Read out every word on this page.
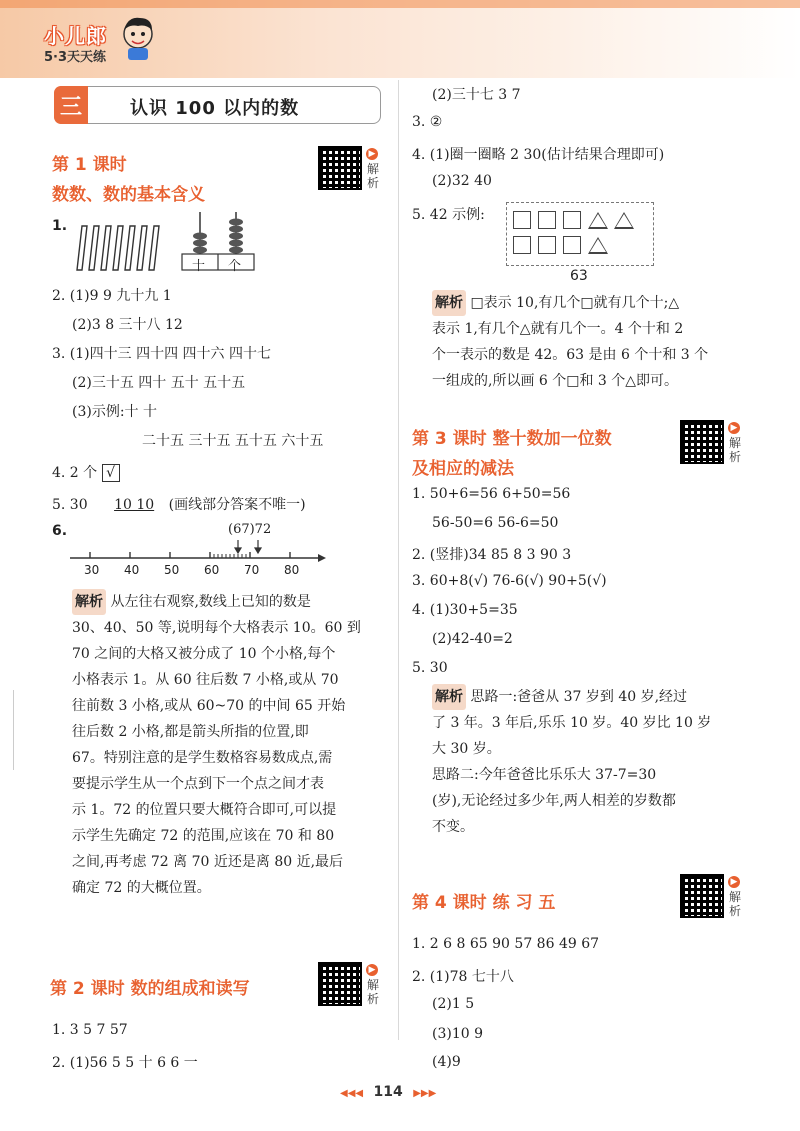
小儿郎
5·3天天练
三	认识 100 以内的数
第 1 课时
数数、数的基本含义
▶
解析
1.
十 个
2. (1)9 9 九十九 1
(2)3 8 三十八 12
3. (1)四十三 四十四 四十六 四十七
(2)三十五 四十 五十 五十五
(3)示例:十 十
二十五 三十五 五十五 六十五
4. 2 个 √
5. 30 10 10 (画线部分答案不唯一)
6.	(67)72
30 40 50 60 70 80
解析 从左往右观察,数线上已知的数是
30、40、50 等,说明每个大格表示 10。60 到
70 之间的大格又被分成了 10 个小格,每个
小格表示 1。从 60 往后数 7 小格,或从 70
往前数 3 小格,或从 60~70 的中间 65 开始
往后数 2 小格,都是箭头所指的位置,即
67。特别注意的是学生数格容易数成点,需
要提示学生从一个点到下一个点之间才表
示 1。72 的位置只要大概符合即可,可以提
示学生先确定 72 的范围,应该在 70 和 80
之间,再考虑 72 离 70 近还是离 80 近,最后
确定 72 的大概位置。
第 2 课时 数的组成和读写
▶
解析
1. 3 5 7 57
2. (1)56 5 5 十 6 6 一
(2)三十七 3 7
3. ②
4. (1)圈一圈略 2 30(估计结果合理即可)
(2)32 40
5. 42 示例:
63
解析 □表示 10,有几个□就有几个十;△
表示 1,有几个△就有几个一。4 个十和 2
个一表示的数是 42。63 是由 6 个十和 3 个
一组成的,所以画 6 个□和 3 个△即可。
第 3 课时 整十数加一位数
及相应的减法
▶
解析
1. 50+6=56 6+50=56
56-50=6 56-6=50
2. (竖排)34 85 8 3 90 3
3. 60+8(√) 76-6(√) 90+5(√)
4. (1)30+5=35
(2)42-40=2
5. 30
解析 思路一:爸爸从 37 岁到 40 岁,经过
了 3 年。3 年后,乐乐 10 岁。40 岁比 10 岁
大 30 岁。
思路二:今年爸爸比乐乐大 37-7=30
(岁),无论经过多少年,两人相差的岁数都
不变。
第 4 课时 练 习 五
▶
解析
1. 2 6 8 65 90 57 86 49 67
2. (1)78 七十八
(2)1 5
(3)10 9
(4)9
◀◀◀ 114 ▶▶▶
